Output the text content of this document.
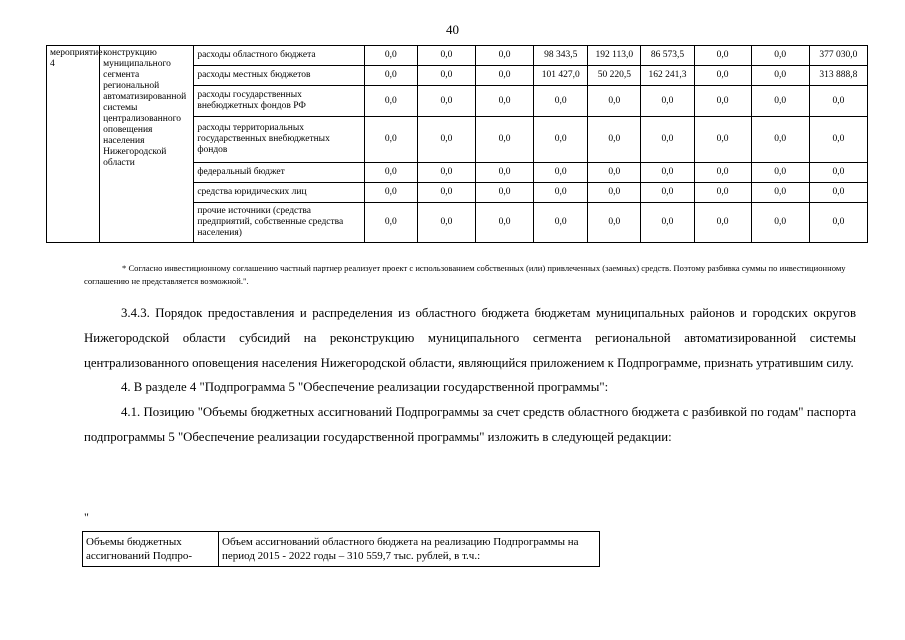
40
мероприятие 4	конструкцию муниципального сегмента региональной автоматизированной системы централизованного оповещения населения Нижегородской области	расходы областного бюджета	0,0	0,0	0,0	98 343,5	192 113,0	86 573,5	0,0	0,0	377 030,0
		расходы местных бюджетов	0,0	0,0	0,0	101 427,0	50 220,5	162 241,3	0,0	0,0	313 888,8
		расходы государственных внебюджетных фондов РФ	0,0	0,0	0,0	0,0	0,0	0,0	0,0	0,0	0,0
		расходы территориальных государственных внебюджетных фондов	0,0	0,0	0,0	0,0	0,0	0,0	0,0	0,0	0,0
		федеральный бюджет	0,0	0,0	0,0	0,0	0,0	0,0	0,0	0,0	0,0
		средства юридических лиц	0,0	0,0	0,0	0,0	0,0	0,0	0,0	0,0	0,0
		прочие источники (средства предприятий, собственные средства населения)	0,0	0,0	0,0	0,0	0,0	0,0	0,0	0,0	0,0
* Согласно инвестиционному соглашению частный партнер реализует проект с использованием собственных (или) привлеченных (заемных) средств. Поэтому разбивка суммы по инвестиционному соглашению не представляется возможной.".

3.4.3. Порядок предоставления и распределения из областного бюджета бюджетам муниципальных районов и городских округов Нижегородской области субсидий на реконструкцию муниципального сегмента региональной автоматизированной системы централизованного оповещения населения Нижегородской области, являющийся приложением к Подпрограмме, признать утратившим силу.

4. В разделе 4 "Подпрограмма 5 "Обеспечение реализации государственной программы":

4.1. Позицию "Объемы бюджетных ассигнований Подпрограммы за счет средств областного бюджета с разбивкой по годам" паспорта подпрограммы 5 "Обеспечение реализации государственной программы" изложить в следующей редакции:

"
Объемы бюджетных ассигнований Подпро-	Объем ассигнований областного бюджета на реализацию Подпрограммы на период 2015 - 2022 годы – 310 559,7 тыс. рублей, в т.ч.:
